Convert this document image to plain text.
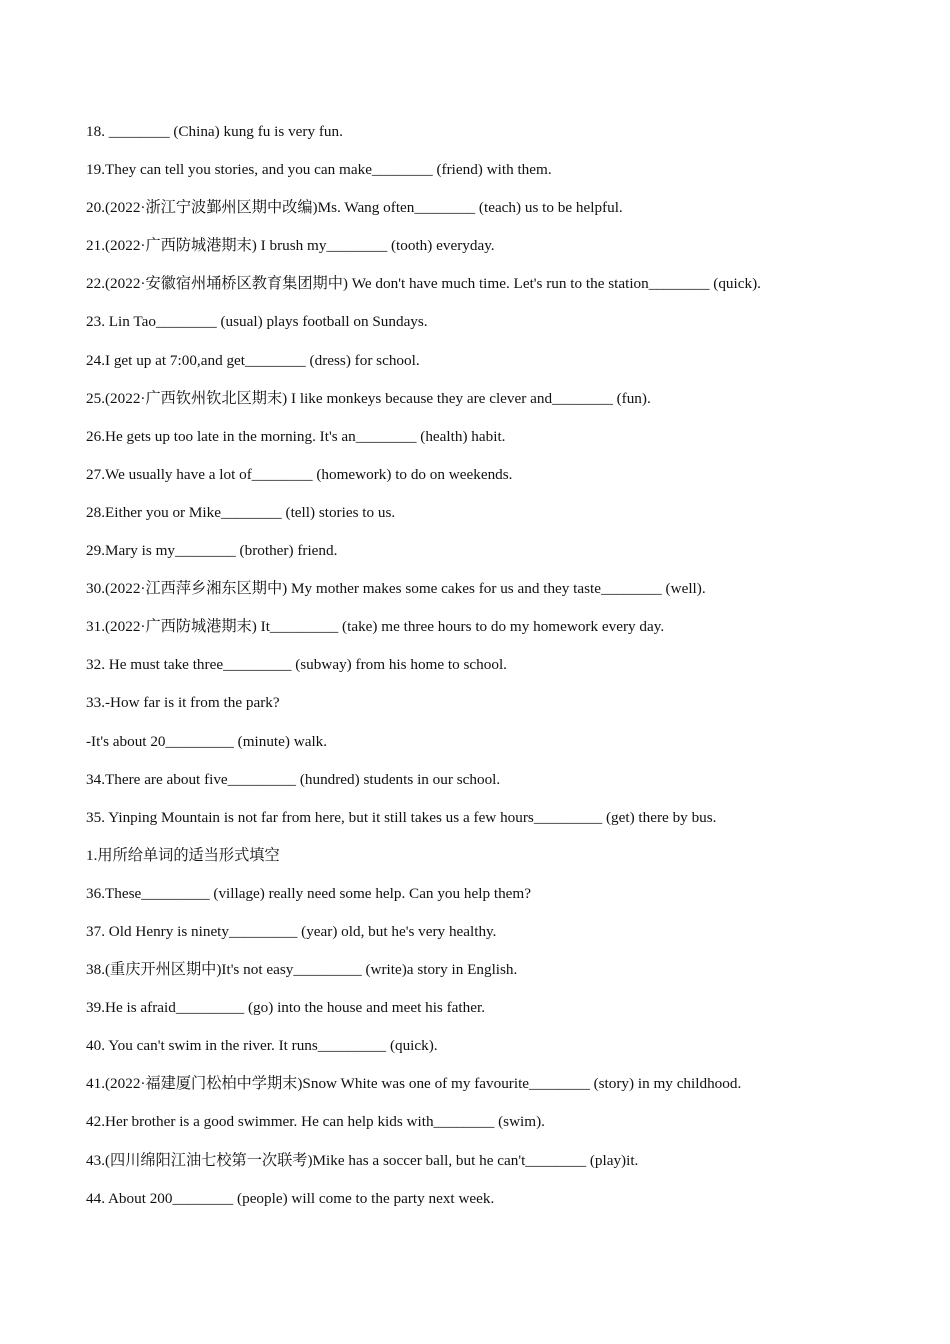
18. ________ (China) kung fu is very fun.
19.They can tell you stories, and you can make________ (friend) with them.
20.(2022·浙江宁波鄞州区期中改编)Ms. Wang often________ (teach) us to be helpful.
21.(2022·广西防城港期末) I brush my________ (tooth) everyday.
22.(2022·安徽宿州埇桥区教育集团期中) We don't have much time. Let's run to the station________ (quick).
23. Lin Tao________ (usual) plays football on Sundays.
24.I get up at 7:00,and get________ (dress) for school.
25.(2022·广西钦州钦北区期末) I like monkeys because they are clever and________ (fun).
26.He gets up too late in the morning. It's an________ (health) habit.
27.We usually have a lot of________ (homework) to do on weekends.
28.Either you or Mike________ (tell) stories to us.
29.Mary is my________ (brother) friend.
30.(2022·江西萍乡湘东区期中) My mother makes some cakes for us and they taste________ (well).
31.(2022·广西防城港期末) It_________ (take) me three hours to do my homework every day.
32. He must take three_________ (subway) from his home to school.
33.-How far is it from the park?
-It's about 20_________ (minute) walk.
34.There are about five_________ (hundred) students in our school.
35. Yinping Mountain is not far from here, but it still takes us a few hours_________ (get) there by bus.
1.用所给单词的适当形式填空
36.These_________ (village) really need some help. Can you help them?
37. Old Henry is ninety_________ (year) old, but he's very healthy.
38.(重庆开州区期中)It's not easy_________ (write)a story in English.
39.He is afraid_________ (go) into the house and meet his father.
40. You can't swim in the river. It runs_________ (quick).
41.(2022·福建厦门松柏中学期末)Snow White was one of my favourite________ (story) in my childhood.
42.Her brother is a good swimmer. He can help kids with________ (swim).
43.(四川绵阳江油七校第一次联考)Mike has a soccer ball, but he can't________ (play)it.
44. About 200________ (people) will come to the party next week.
